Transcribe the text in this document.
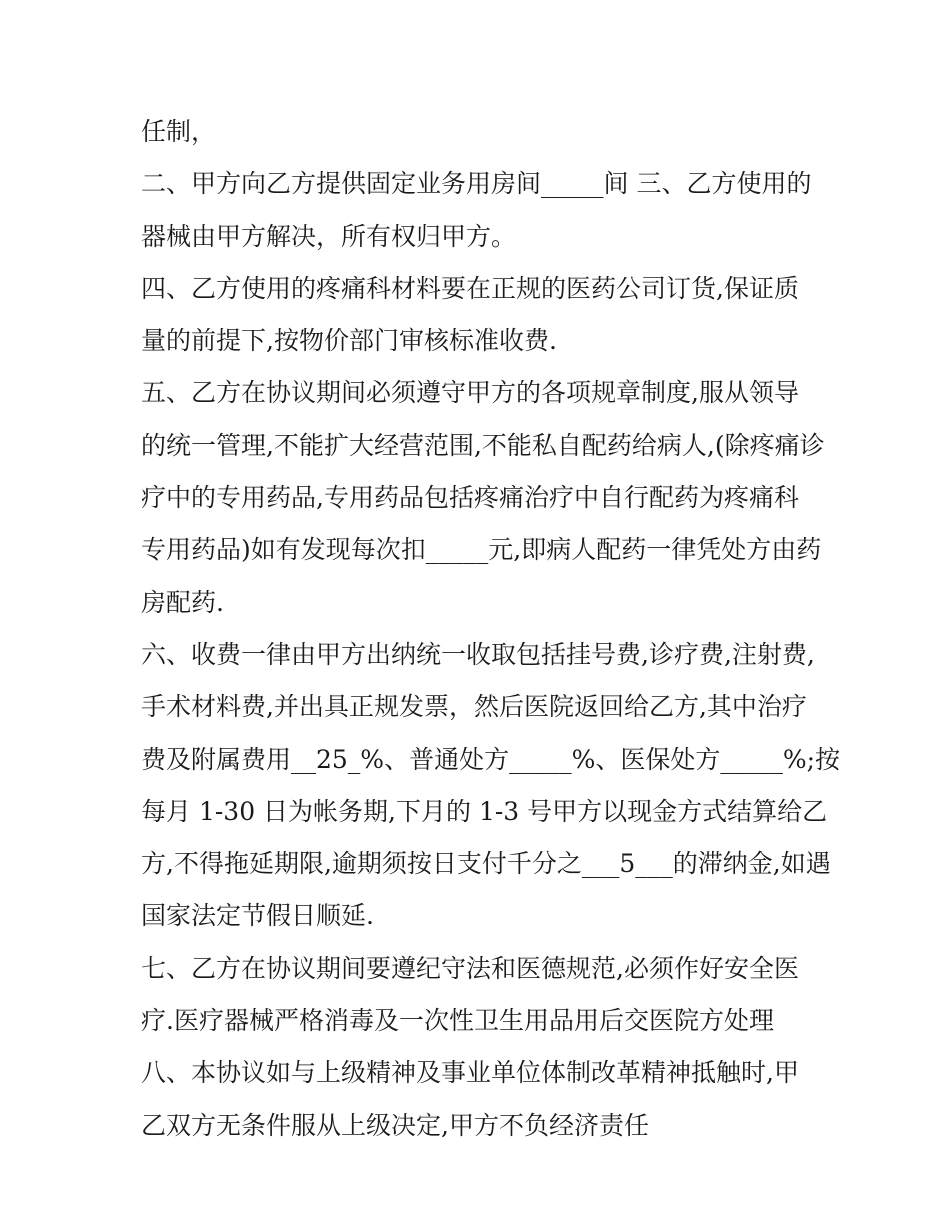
任制，
二、甲方向乙方提供固定业务用房间_____间 三、乙方使用的
器械由甲方解决，所有权归甲方。
四、乙方使用的疼痛科材料要在正规的医药公司订货,保证质
量的前提下,按物价部门审核标准收费.
五、乙方在协议期间必须遵守甲方的各项规章制度,服从领导
的统一管理,不能扩大经营范围,不能私自配药给病人,(除疼痛诊
疗中的专用药品,专用药品包括疼痛治疗中自行配药为疼痛科
专用药品)如有发现每次扣_____元,即病人配药一律凭处方由药
房配药.
六、收费一律由甲方出纳统一收取包括挂号费,诊疗费,注射费,
手术材料费,并出具正规发票，然后医院返回给乙方,其中治疗
费及附属费用__25_%、普通处方_____%、医保处方_____%;按
每月 1-30 日为帐务期,下月的 1-3 号甲方以现金方式结算给乙
方,不得拖延期限,逾期须按日支付千分之___5___的滞纳金,如遇
国家法定节假日顺延.
七、乙方在协议期间要遵纪守法和医德规范,必须作好安全医
疗.医疗器械严格消毒及一次性卫生用品用后交医院方处理
八、本协议如与上级精神及事业单位体制改革精神抵触时,甲
乙双方无条件服从上级决定,甲方不负经济责任
